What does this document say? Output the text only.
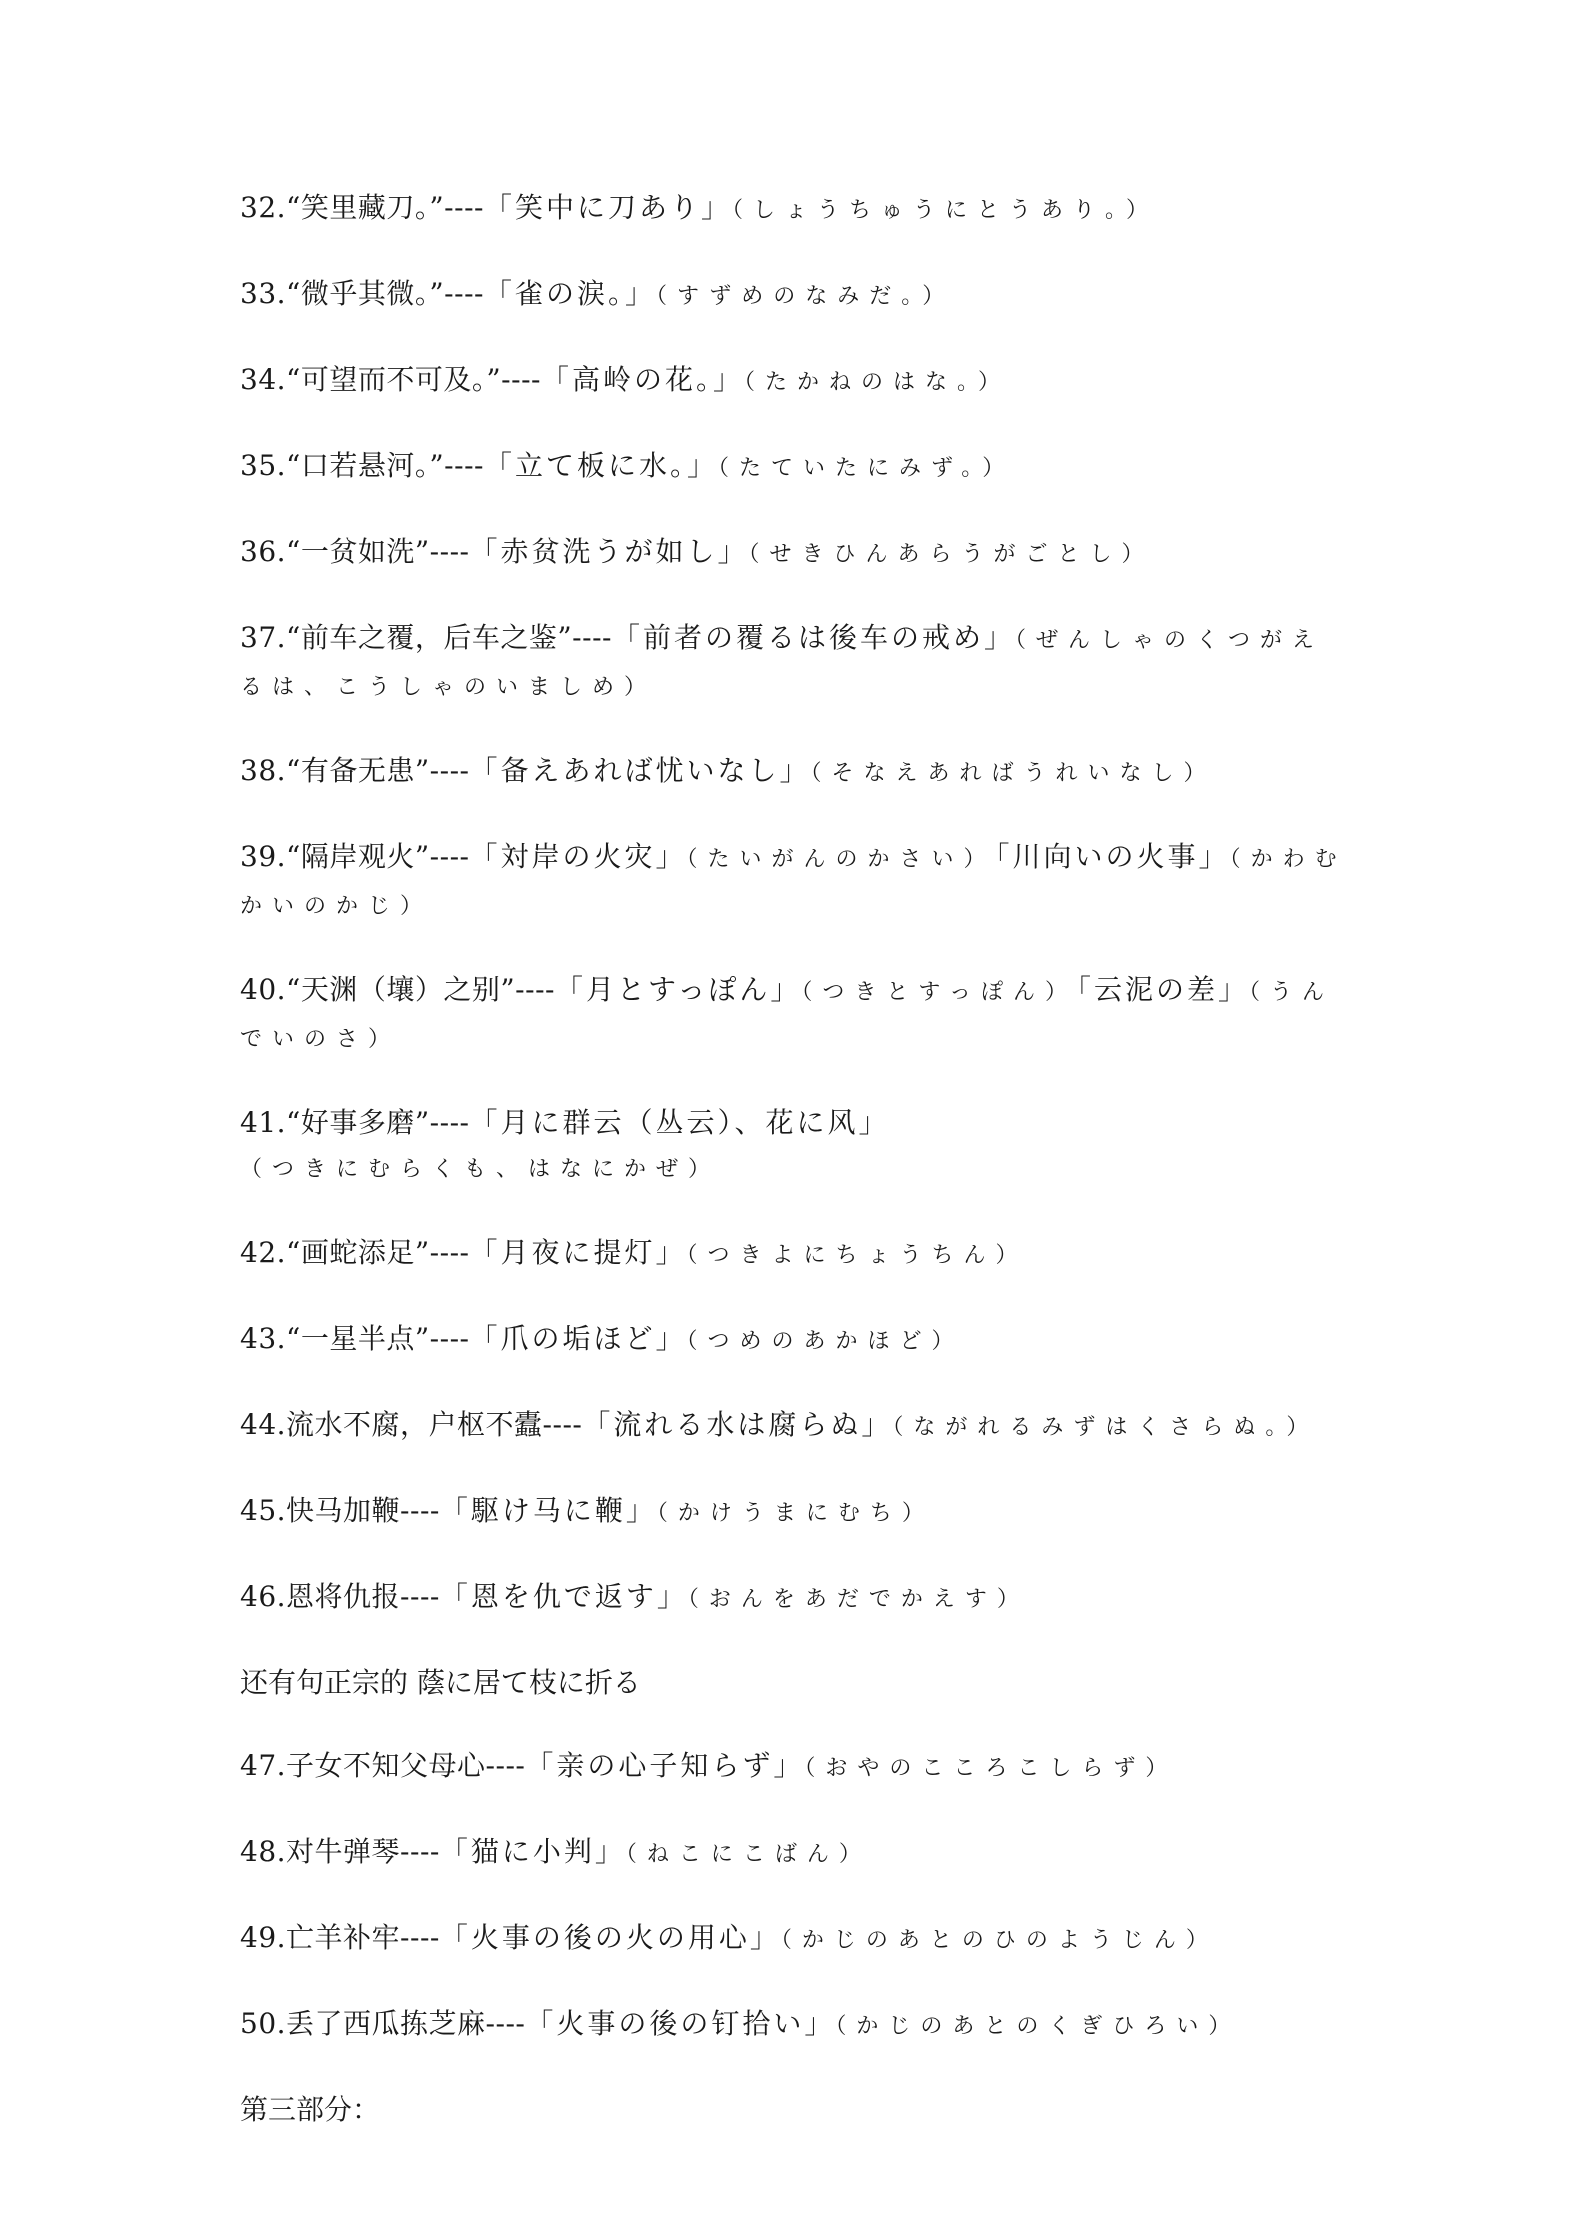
32.“笑里藏刀。”----「笑中に刀あり」（しょうちゅうにとうあり。）

33.“微乎其微。”----「雀の涙。」（すずめのなみだ。）

34.“可望而不可及。”----「高岭の花。」（たかねのはな。）

35.“口若悬河。”----「立て板に水。」（たていたにみず。）

36.“一贫如洗”----「赤贫洗うが如し」（せきひんあらうがごとし）

37.“前车之覆，后车之鉴”----「前者の覆るは後车の戒め」（ぜんしゃのくつがえるは、こうしゃのいましめ）

38.“有备无患”----「备えあれば忧いなし」（そなえあればうれいなし）

39.“隔岸观火”----「対岸の火灾」（たいがんのかさい）「川向いの火事」（かわむかいのかじ）

40.“天渊（壤）之别”----「月とすっぽん」（つきとすっぽん）「云泥の差」（うんでいのさ）

41.“好事多磨”----「月に群云（丛云）、花に风」（つきにむらくも、はなにかぜ）

42.“画蛇添足”----「月夜に提灯」（つきよにちょうちん）

43.“一星半点”----「爪の垢ほど」（つめのあかほど）

44.流水不腐，户枢不蠹----「流れる水は腐らぬ」（ながれるみずはくさらぬ。）

45.快马加鞭----「駆け马に鞭」（かけうまにむち）

46.恩将仇报----「恩を仇で返す」（おんをあだでかえす）

还有句正宗的 蔭に居て枝に折る

47.子女不知父母心----「亲の心子知らず」（おやのこころこしらず）

48.对牛弹琴----「猫に小判」（ねこにこばん）

49.亡羊补牢----「火事の後の火の用心」（かじのあとのひのようじん）

50.丢了西瓜拣芝麻----「火事の後の钉拾い」（かじのあとのくぎひろい）

第三部分：
